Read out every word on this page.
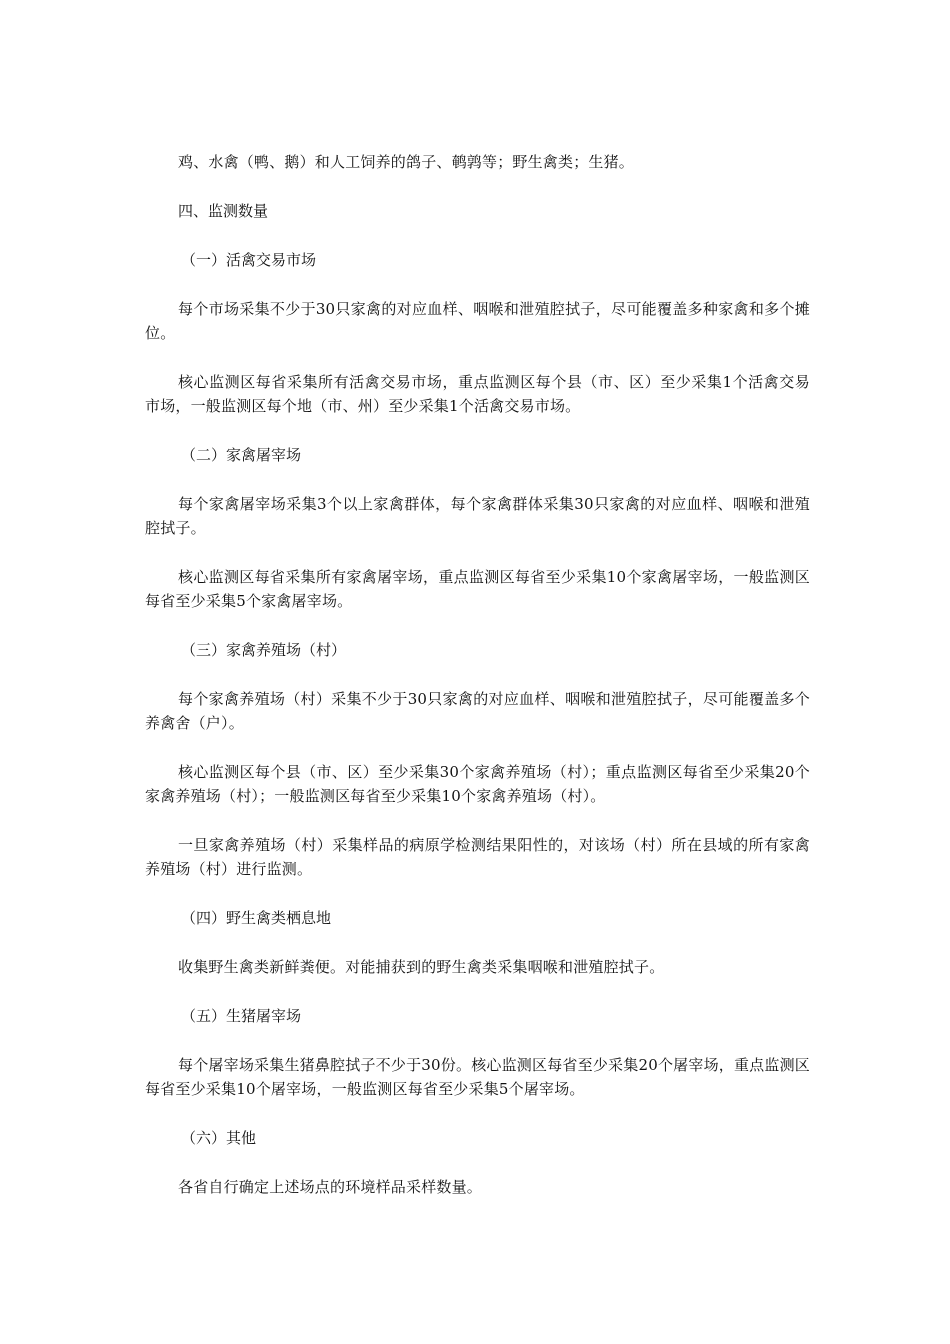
鸡、水禽（鸭、鹅）和人工饲养的鸽子、鹌鹑等；野生禽类；生猪。

四、监测数量

（一）活禽交易市场

每个市场采集不少于30只家禽的对应血样、咽喉和泄殖腔拭子，尽可能覆盖多种家禽和多个摊位。

核心监测区每省采集所有活禽交易市场，重点监测区每个县（市、区）至少采集1个活禽交易市场，一般监测区每个地（市、州）至少采集1个活禽交易市场。

（二）家禽屠宰场

每个家禽屠宰场采集3个以上家禽群体，每个家禽群体采集30只家禽的对应血样、咽喉和泄殖腔拭子。

核心监测区每省采集所有家禽屠宰场，重点监测区每省至少采集10个家禽屠宰场，一般监测区每省至少采集5个家禽屠宰场。

（三）家禽养殖场（村）

每个家禽养殖场（村）采集不少于30只家禽的对应血样、咽喉和泄殖腔拭子，尽可能覆盖多个养禽舍（户）。

核心监测区每个县（市、区）至少采集30个家禽养殖场（村）；重点监测区每省至少采集20个家禽养殖场（村）；一般监测区每省至少采集10个家禽养殖场（村）。

一旦家禽养殖场（村）采集样品的病原学检测结果阳性的，对该场（村）所在县域的所有家禽养殖场（村）进行监测。

（四）野生禽类栖息地

收集野生禽类新鲜粪便。对能捕获到的野生禽类采集咽喉和泄殖腔拭子。

（五）生猪屠宰场

每个屠宰场采集生猪鼻腔拭子不少于30份。核心监测区每省至少采集20个屠宰场，重点监测区每省至少采集10个屠宰场，一般监测区每省至少采集5个屠宰场。

（六）其他

各省自行确定上述场点的环境样品采样数量。
